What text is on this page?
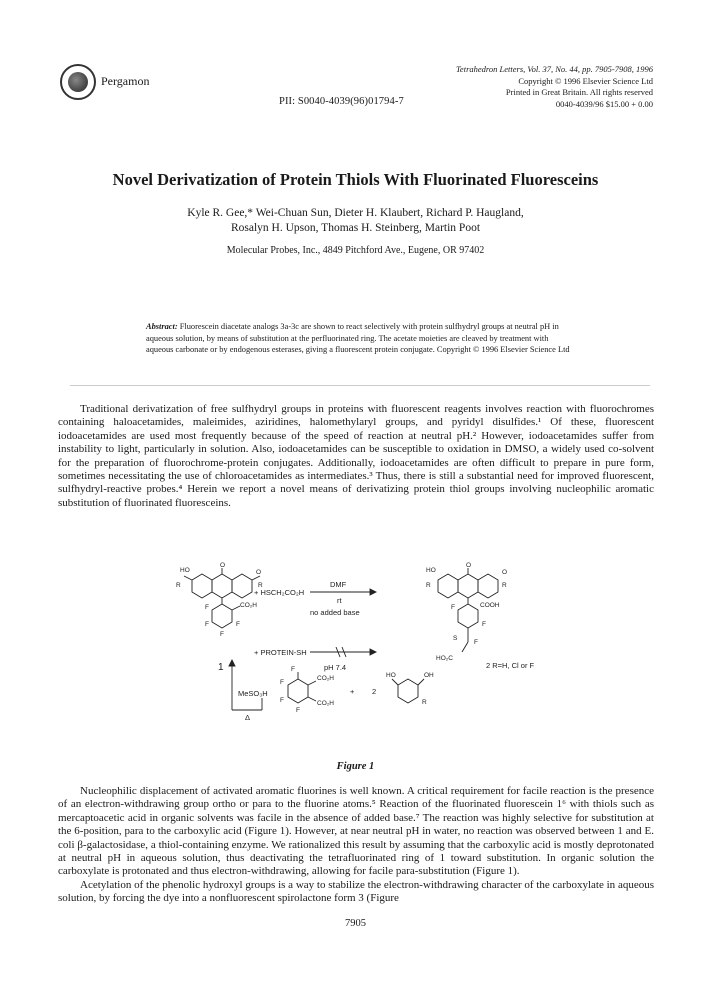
Pergamon
Tetrahedron Letters, Vol. 37, No. 44, pp. 7905-7908, 1996
Copyright © 1996 Elsevier Science Ltd
Printed in Great Britain. All rights reserved
0040-4039/96 $15.00 + 0.00
PII: S0040-4039(96)01794-7
Novel Derivatization of Protein Thiols With Fluorinated Fluoresceins
Kyle R. Gee,* Wei-Chuan Sun, Dieter H. Klaubert, Richard P. Haugland,
Rosalyn H. Upson, Thomas H. Steinberg, Martin Poot
Molecular Probes, Inc., 4849 Pitchford Ave., Eugene, OR 97402
Abstract: Fluorescein diacetate analogs 3a-3c are shown to react selectively with protein sulfhydryl groups at neutral pH in aqueous solution, by means of substitution at the perfluorinated ring. The acetate moieties are cleaved by treatment with aqueous carbonate or by endogenous esterases, giving a fluorescent protein conjugate. Copyright © 1996 Elsevier Science Ltd

Traditional derivatization of free sulfhydryl groups in proteins with fluorescent reagents involves reaction with fluorochromes containing haloacetamides, maleimides, aziridines, halomethylaryl groups, and pyridyl disulfides.¹ Of these, fluorescent iodoacetamides are used most frequently because of the speed of reaction at neutral pH.² However, iodoacetamides suffer from instability to light, particularly in solution. Also, iodoacetamides can be susceptible to oxidation in DMSO, a widely used co-solvent for the preparation of fluorochrome-protein conjugates. Additionally, iodoacetamides are often difficult to prepare in pure form, sometimes necessitating the use of chloroacetamides as intermediates.³ Thus, there is still a substantial need for improved fluorescent, sulfhydryl-reactive probes.⁴ Herein we report a novel means of derivatizing protein thiol groups involving nucleophilic aromatic substitution of fluorinated fluoresceins.

HO	O
O
R	R
CO₂H
F
F	F
F
HO	O
O
R	R
COOH
F
F
S
F
HO₂C
F
CO₂H
CO₂H
F
F
F
HO	OH
R
+ HSCH₂CO₂H
DMF
rt
no added base
+ PROTEIN-SH
pH 7.4	2 R=H, Cl or F
MeSO₃H
Δ
+ 2
1
Figure 1

Nucleophilic displacement of activated aromatic fluorines is well known. A critical requirement for facile reaction is the presence of an electron-withdrawing group ortho or para to the fluorine atoms.⁵ Reaction of the fluorinated fluorescein 1⁶ with thiols such as mercaptoacetic acid in organic solvents was facile in the absence of added base.⁷ The reaction was highly selective for substitution at the 6-position, para to the carboxylic acid (Figure 1). However, at near neutral pH in water, no reaction was observed between 1 and E. coli β-galactosidase, a thiol-containing enzyme. We rationalized this result by assuming that the carboxylic acid is mostly deprotonated at neutral pH in aqueous solution, thus deactivating the tetrafluorinated ring of 1 toward substitution. In organic solution the carboxylate is protonated and thus electron-withdrawing, allowing for facile para-substitution (Figure 1).

Acetylation of the phenolic hydroxyl groups is a way to stabilize the electron-withdrawing character of the carboxylate in aqueous solution, by forcing the dye into a nonfluorescent spirolactone form 3 (Figure

7905
